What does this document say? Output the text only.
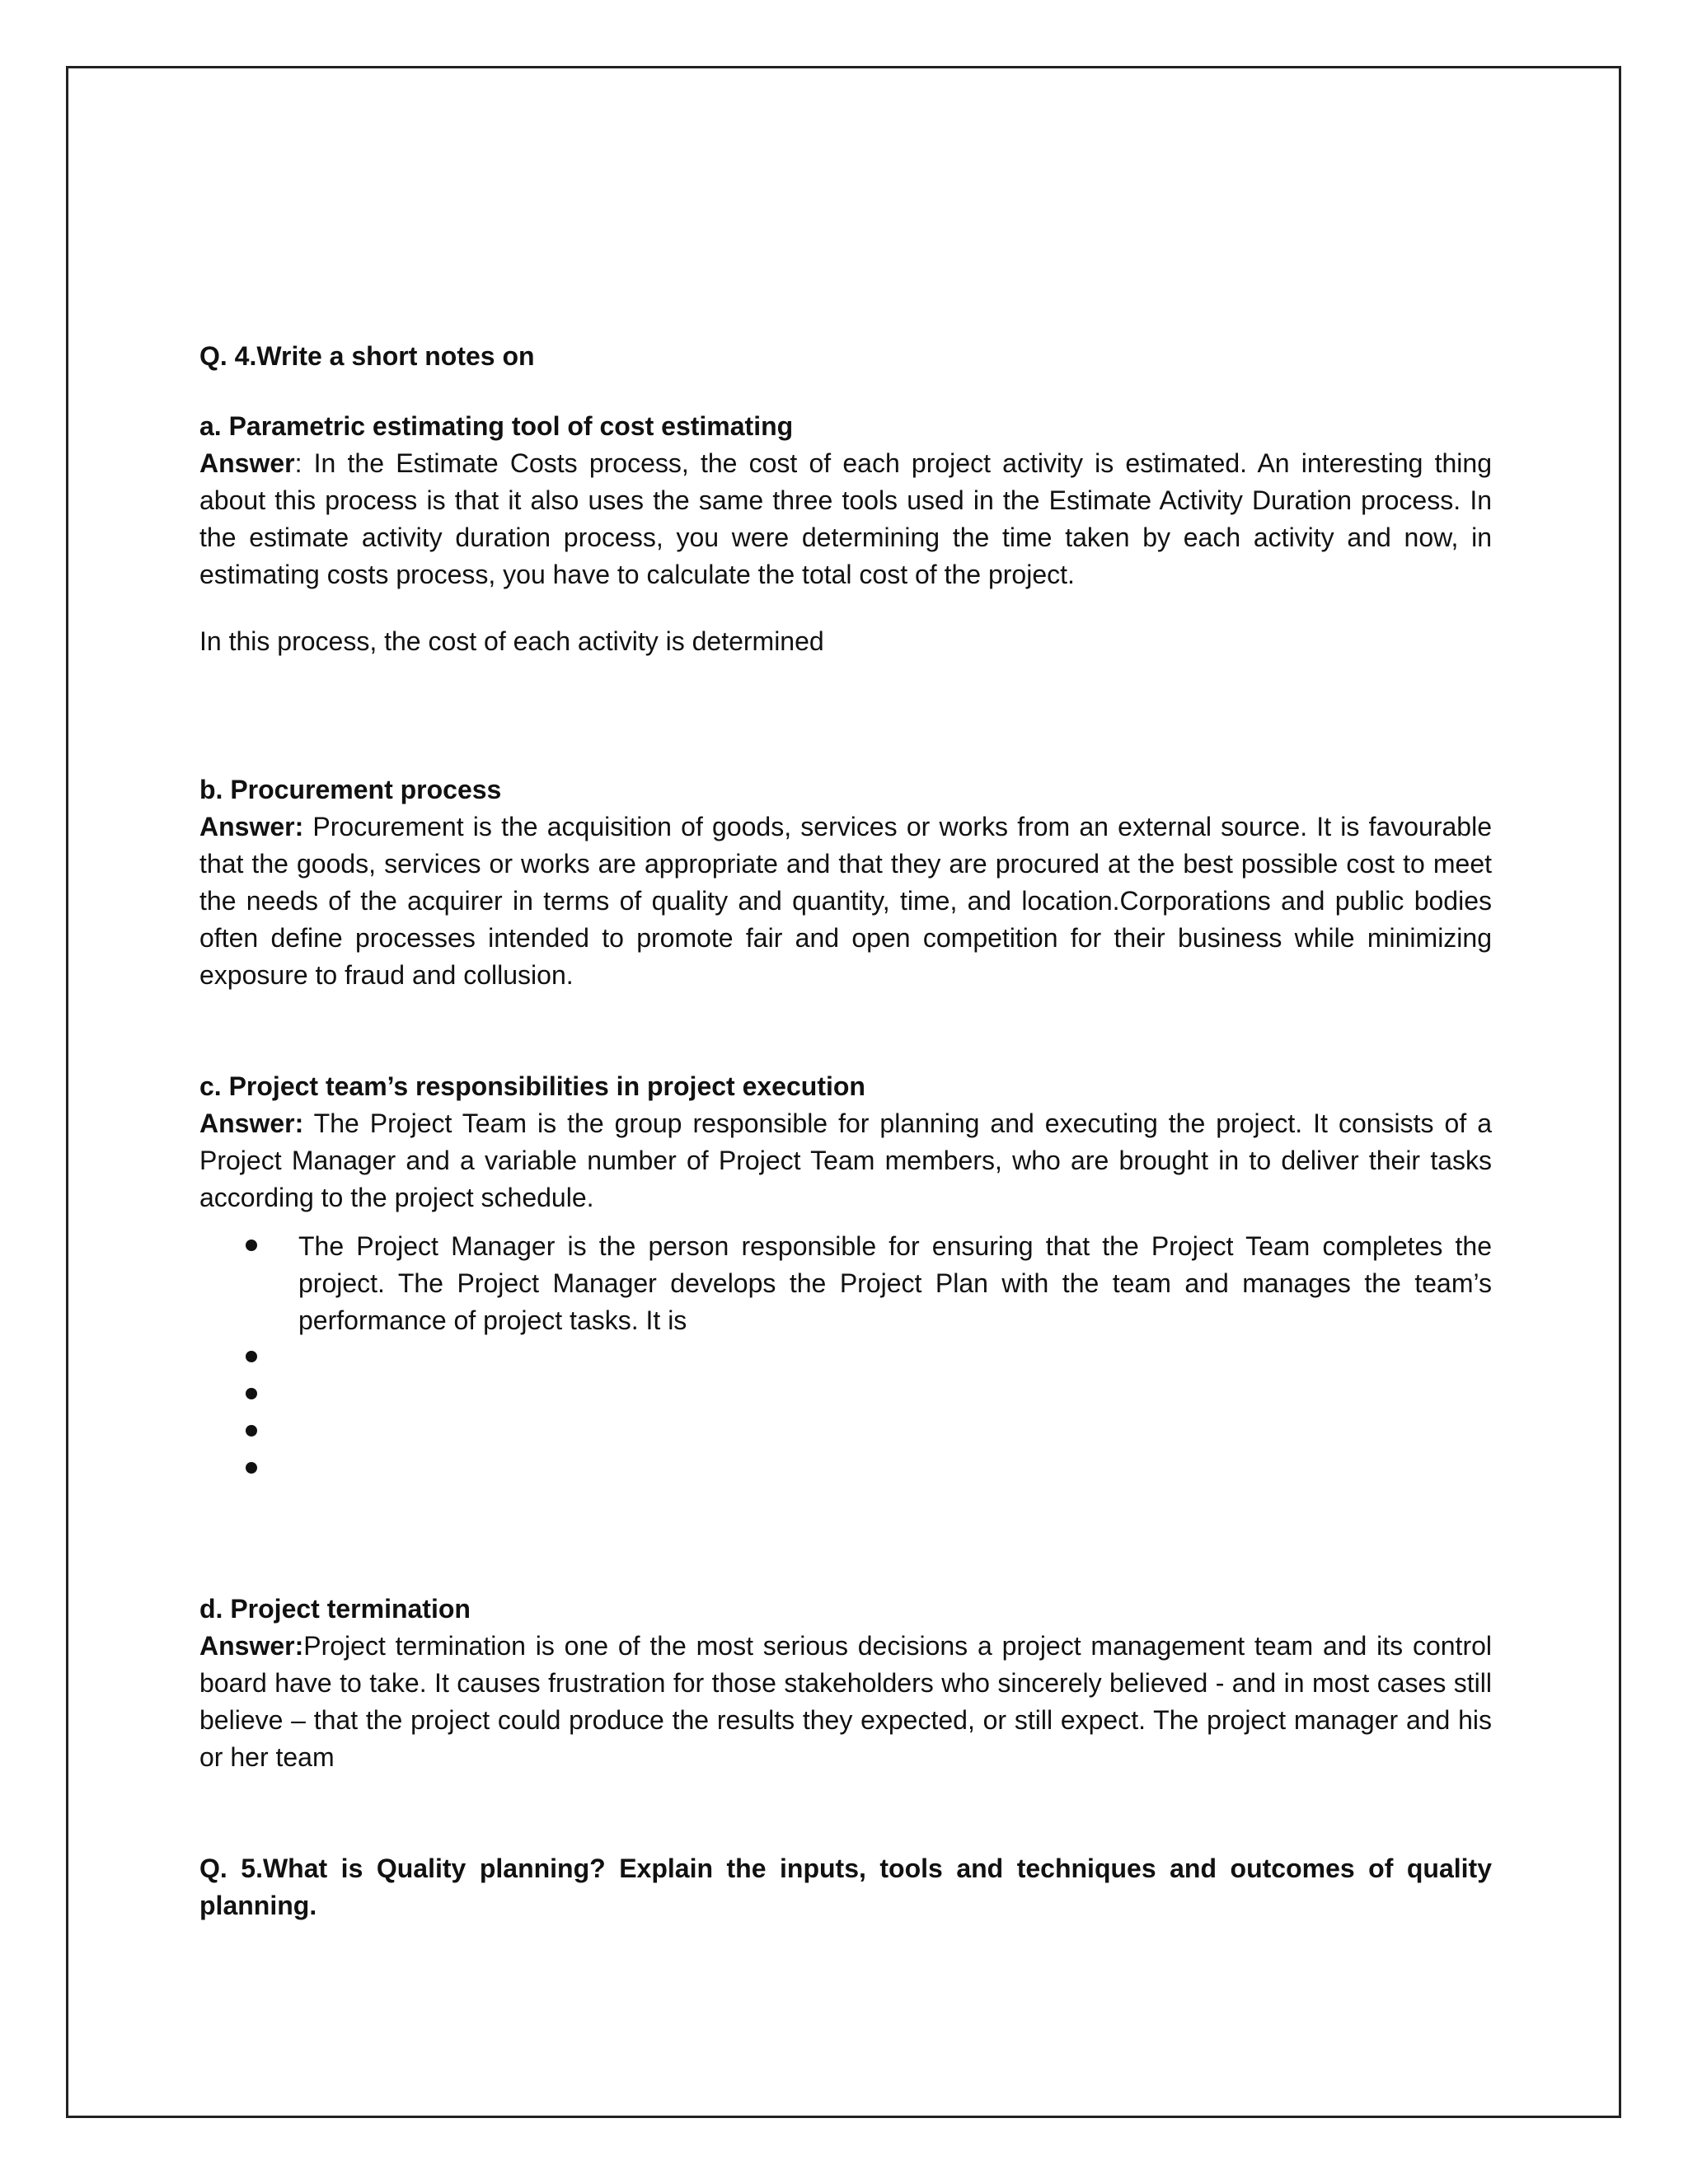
Q. 4.Write a short notes on

a. Parametric estimating tool of cost estimating

Answer: In the Estimate Costs process, the cost of each project activity is estimated. An interesting thing about this process is that it also uses the same three tools used in the Estimate Activity Duration process. In the estimate activity duration process, you were determining the time taken by each activity and now, in estimating costs process, you have to calculate the total cost of the project.

In this process, the cost of each activity is determined

b. Procurement process

Answer: Procurement is the acquisition of goods, services or works from an external source. It is favourable that the goods, services or works are appropriate and that they are procured at the best possible cost to meet the needs of the acquirer in terms of quality and quantity, time, and location.Corporations and public bodies often define processes intended to promote fair and open competition for their business while minimizing exposure to fraud and collusion.

c. Project team’s responsibilities in project execution

Answer: The Project Team is the group responsible for planning and executing the project. It consists of a Project Manager and a variable number of Project Team members, who are brought in to deliver their tasks according to the project schedule.

The Project Manager is the person responsible for ensuring that the Project Team completes the project. The Project Manager develops the Project Plan with the team and manages the team’s performance of project tasks. It is

d. Project termination

Answer:Project termination is one of the most serious decisions a project management team and its control board have to take. It causes frustration for those stakeholders who sincerely believed - and in most cases still believe – that the project could produce the results they expected, or still expect. The project manager and his or her team

Q. 5.What is Quality planning? Explain the inputs, tools and techniques and outcomes of quality planning.
